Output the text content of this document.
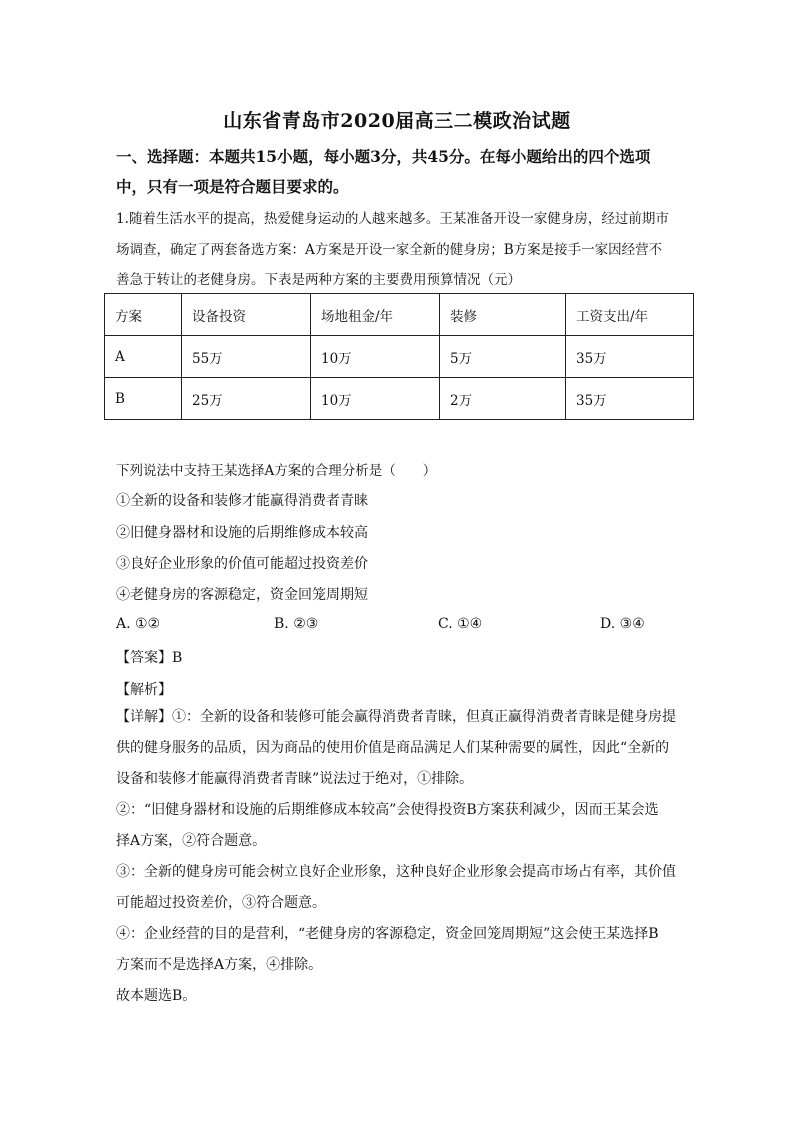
山东省青岛市2020届高三二模政治试题
一、选择题：本题共15小题，每小题3分，共45分。在每小题给出的四个选项
中，只有一项是符合题目要求的。
1.随着生活水平的提高，热爱健身运动的人越来越多。王某准备开设一家健身房，经过前期市
场调查，确定了两套备选方案：A方案是开设一家全新的健身房；B方案是接手一家因经营不
善急于转让的老健身房。下表是两种方案的主要费用预算情况（元）
方案	设备投资	场地租金/年	装修	工资支出/年
A	55万	10万	5万	35万
B	25万	10万	2万	35万
下列说法中支持王某选择A方案的合理分析是（　　）
①全新的设备和装修才能赢得消费者青睐
②旧健身器材和设施的后期维修成本较高
③良好企业形象的价值可能超过投资差价
④老健身房的客源稳定，资金回笼周期短
A. ①②	B. ②③	C. ①④	D. ③④
【答案】B
【解析】
【详解】①：全新的设备和装修可能会赢得消费者青睐，但真正赢得消费者青睐是健身房提
供的健身服务的品质，因为商品的使用价值是商品满足人们某种需要的属性，因此“全新的
设备和装修才能赢得消费者青睐”说法过于绝对，①排除。
②：“旧健身器材和设施的后期维修成本较高”会使得投资B方案获利减少，因而王某会选
择A方案，②符合题意。
③：全新的健身房可能会树立良好企业形象，这种良好企业形象会提高市场占有率，其价值
可能超过投资差价，③符合题意。
④：企业经营的目的是营利，“老健身房的客源稳定，资金回笼周期短”这会使王某选择B
方案而不是选择A方案，④排除。
故本题选B。
